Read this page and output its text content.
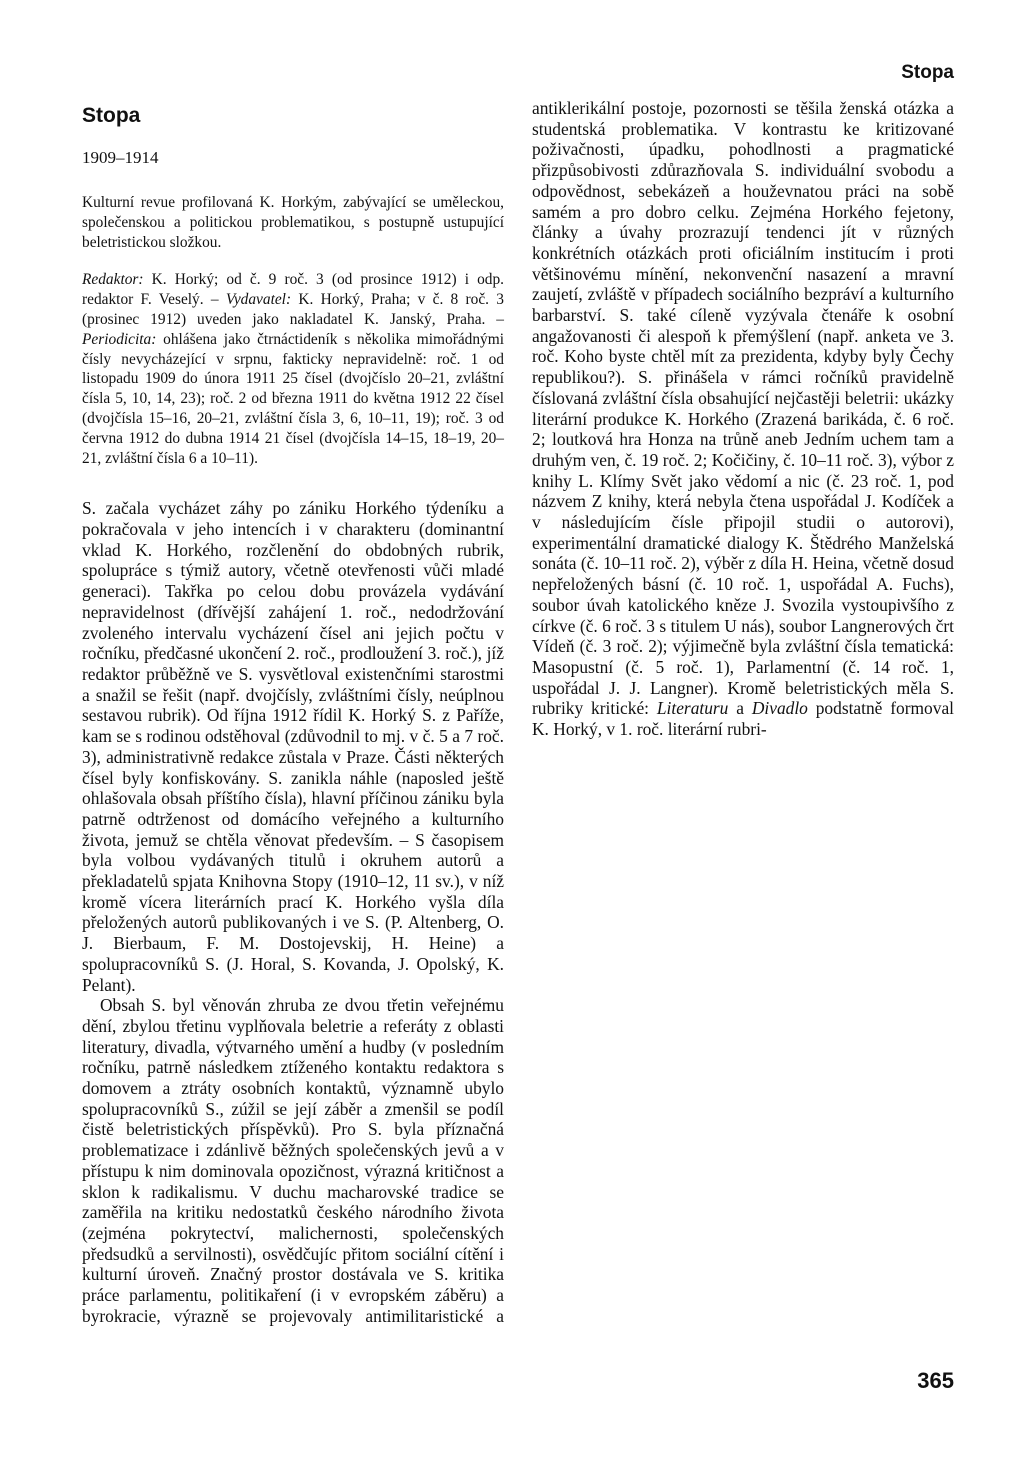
Stopa
Stopa
1909–1914

Kulturní revue profilovaná K. Horkým, zabývající se uměleckou, společenskou a politickou problematikou, s postupně ustupující beletristickou složkou.

Redaktor: K. Horký; od č. 9 roč. 3 (od prosince 1912) i odp. redaktor F. Veselý. – Vydavatel: K. Horký, Praha; v č. 8 roč. 3 (prosinec 1912) uveden jako nakladatel K. Janský, Praha. – Periodicita: ohlášena jako čtrnáctideník s několika mimořádnými čísly nevycházející v srpnu, fakticky nepravidelně: roč. 1 od listopadu 1909 do února 1911 25 čísel (dvojčíslo 20–21, zvláštní čísla 5, 10, 14, 23); roč. 2 od března 1911 do května 1912 22 čísel (dvojčísla 15–16, 20–21, zvláštní čísla 3, 6, 10–11, 19); roč. 3 od června 1912 do dubna 1914 21 čísel (dvojčísla 14–15, 18–19, 20–21, zvláštní čísla 6 a 10–11).

S. začala vycházet záhy po zániku Horkého týdeníku a pokračovala v jeho intencích i v charakteru (dominantní vklad K. Horkého, rozčlenění do obdobných rubrik, spolupráce s týmiž autory, včetně otevřenosti vůči mladé generaci). Takřka po celou dobu provázela vydávání nepravidelnost (dřívější zahájení 1. roč., nedodržování zvoleného intervalu vycházení čísel ani jejich počtu v ročníku, předčasné ukončení 2. roč., prodloužení 3. roč.), jíž redaktor průběžně ve S. vysvětloval existenčními starostmi a snažil se řešit (např. dvojčísly, zvláštními čísly, neúplnou sestavou rubrik). Od října 1912 řídil K. Horký S. z Paříže, kam se s rodinou odstěhoval (zdůvodnil to mj. v č. 5 a 7 roč. 3), administrativně redakce zůstala v Praze. Části některých čísel byly konfiskovány. S. zanikla náhle (naposled ještě ohlašovala obsah příštího čísla), hlavní příčinou zániku byla patrně odtrženost od domácího veřejného a kulturního života, jemuž se chtěla věnovat především. – S časopisem byla volbou vydávaných titulů i okruhem autorů a překladatelů spjata Knihovna Stopy (1910–12, 11 sv.), v níž kromě vícera literárních prací K. Horkého vyšla díla přeložených autorů publikovaných i ve S. (P. Altenberg, O. J. Bierbaum, F. M. Dostojevskij, H. Heine) a spolupracovníků S. (J. Horal, S. Kovanda, J. Opolský, K. Pelant).

Obsah S. byl věnován zhruba ze dvou třetin veřejnému dění, zbylou třetinu vyplňovala beletrie a referáty z oblasti literatury, divadla, výtvarného umění a hudby (v posledním ročníku, patrně následkem ztíženého kontaktu redaktora s domovem a ztráty osobních kontaktů, významně ubylo spolupracovníků S., zúžil se její záběr a zmenšil se podíl čistě beletristických příspěvků). Pro S. byla příznačná problematizace i zdánlivě běžných společenských jevů a v přístupu k nim dominovala opozičnost, výrazná kritičnost a sklon k radikalismu. V duchu macharovské tradice se zaměřila na kritiku nedostatků českého národního života (zejména pokrytectví, malichernosti, společenských předsudků a servilnosti), osvědčujíc přitom sociální cítění i kulturní úroveň. Značný prostor dostávala ve S. kritika práce parlamentu, politikaření (i v evropském záběru) a byrokracie, výrazně se projevovaly antimilitaristické a antiklerikální postoje, pozornosti se těšila ženská otázka a studentská problematika. V kontrastu ke kritizované poživačnosti, úpadku, pohodlnosti a pragmatické přizpůsobivosti zdůrazňovala S. individuální svobodu a odpovědnost, sebekázeň a houževnatou práci na sobě samém a pro dobro celku. Zejména Horkého fejetony, články a úvahy prozrazují tendenci jít v různých konkrétních otázkách proti oficiálním institucím i proti většinovému mínění, nekonvenční nasazení a mravní zaujetí, zvláště v případech sociálního bezpráví a kulturního barbarství. S. také cíleně vyzývala čtenáře k osobní angažovanosti či alespoň k přemýšlení (např. anketa ve 3. roč. Koho byste chtěl mít za prezidenta, kdyby byly Čechy republikou?). S. přinášela v rámci ročníků pravidelně číslovaná zvláštní čísla obsahující nejčastěji beletrii: ukázky literární produkce K. Horkého (Zrazená barikáda, č. 6 roč. 2; loutková hra Honza na trůně aneb Jedním uchem tam a druhým ven, č. 19 roč. 2; Kočičiny, č. 10–11 roč. 3), výbor z knihy L. Klímy Svět jako vědomí a nic (č. 23 roč. 1, pod názvem Z knihy, která nebyla čtena uspořádal J. Kodíček a v následujícím čísle připojil studii o autorovi), experimentální dramatické dialogy K. Štědrého Manželská sonáta (č. 10–11 roč. 2), výběr z díla H. Heina, včetně dosud nepřeložených básní (č. 10 roč. 1, uspořádal A. Fuchs), soubor úvah katolického kněze J. Svozila vystoupivšího z církve (č. 6 roč. 3 s titulem U nás), soubor Langnerových črt Vídeň (č. 3 roč. 2); výjimečně byla zvláštní čísla tematická: Masopustní (č. 5 roč. 1), Parlamentní (č. 14 roč. 1, uspořádal J. J. Langner). Kromě beletristických měla S. rubriky kritické: Literaturu a Divadlo podstatně formoval K. Horký, v 1. roč. literární rubri-

365
